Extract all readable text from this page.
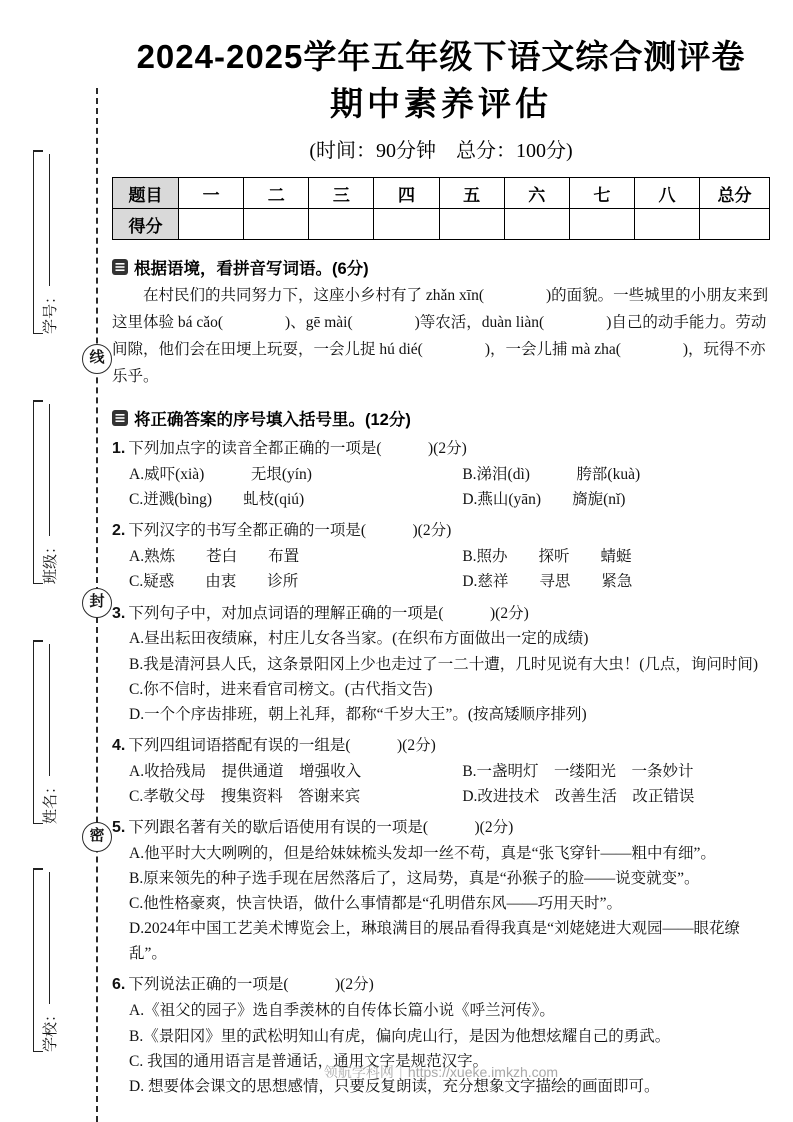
学号：
线
班级：
封
姓名：
密
学校：
2024-2025学年五年级下语文综合测评卷
期中素养评估
(时间：90分钟　总分：100分)
题目	一	二	三	四	五	六	七	八	总分
得分									
根据语境，看拼音写词语。(6分)
在村民们的共同努力下，这座小乡村有了 zhǎn xīn(　　　　)的面貌。一些城里的小朋友来到这里体验 bá cǎo(　　　　)、gē mài(　　　　)等农活，duàn liàn(　　　　)自己的动手能力。劳动间隙，他们会在田埂上玩耍，一会儿捉 hú dié(　　　　)，一会儿捕 mà zha(　　　　)，玩得不亦乐乎。
将正确答案的序号填入括号里。(12分)
1. 下列加点字的读音全都正确的一项是(　　　)(2分)
A.威吓(xià)　　　无垠(yín)	B.涕泪(dì)　　　胯部(kuà)
C.迸溅(bìng)　　虬枝(qiú)	D.燕山(yān)　　旖旎(nǐ)
2. 下列汉字的书写全都正确的一项是(　　　)(2分)
A.熟炼　　苍白　　布置	B.照办　　探听　　蜻蜓
C.疑惑　　由衷　　诊所	D.慈祥　　寻思　　紧急
3. 下列句子中，对加点词语的理解正确的一项是(　　　)(2分)
A.昼出耘田夜绩麻，村庄儿女各当家。(在织布方面做出一定的成绩)
B.我是清河县人氏，这条景阳冈上少也走过了一二十遭，几时见说有大虫！(几点，询问时间)
C.你不信时，进来看官司榜文。(古代指文告)
D.一个个序齿排班，朝上礼拜，都称“千岁大王”。(按高矮顺序排列)
4. 下列四组词语搭配有误的一组是(　　　)(2分)
A.收拾残局　提供通道　增强收入	B.一盏明灯　一缕阳光　一条妙计
C.孝敬父母　搜集资料　答谢来宾	D.改进技术　改善生活　改正错误
5. 下列跟名著有关的歇后语使用有误的一项是(　　　)(2分)
A.他平时大大咧咧的，但是给妹妹梳头发却一丝不苟，真是“张飞穿针——粗中有细”。
B.原来领先的种子选手现在居然落后了，这局势，真是“孙猴子的脸——说变就变”。
C.他性格豪爽，快言快语，做什么事情都是“孔明借东风——巧用天时”。
D.2024年中国工艺美术博览会上，琳琅满目的展品看得我真是“刘姥姥进大观园——眼花缭乱”。
6. 下列说法正确的一项是(　　　)(2分)
A.《祖父的园子》选自季羡林的自传体长篇小说《呼兰河传》。
B.《景阳冈》里的武松明知山有虎，偏向虎山行，是因为他想炫耀自己的勇武。
C. 我国的通用语言是普通话，通用文字是规范汉字。
D. 想要体会课文的思想感情，只要反复朗读，充分想象文字描绘的画面即可。
领航学科网｜https://xueke.imkzh.com
